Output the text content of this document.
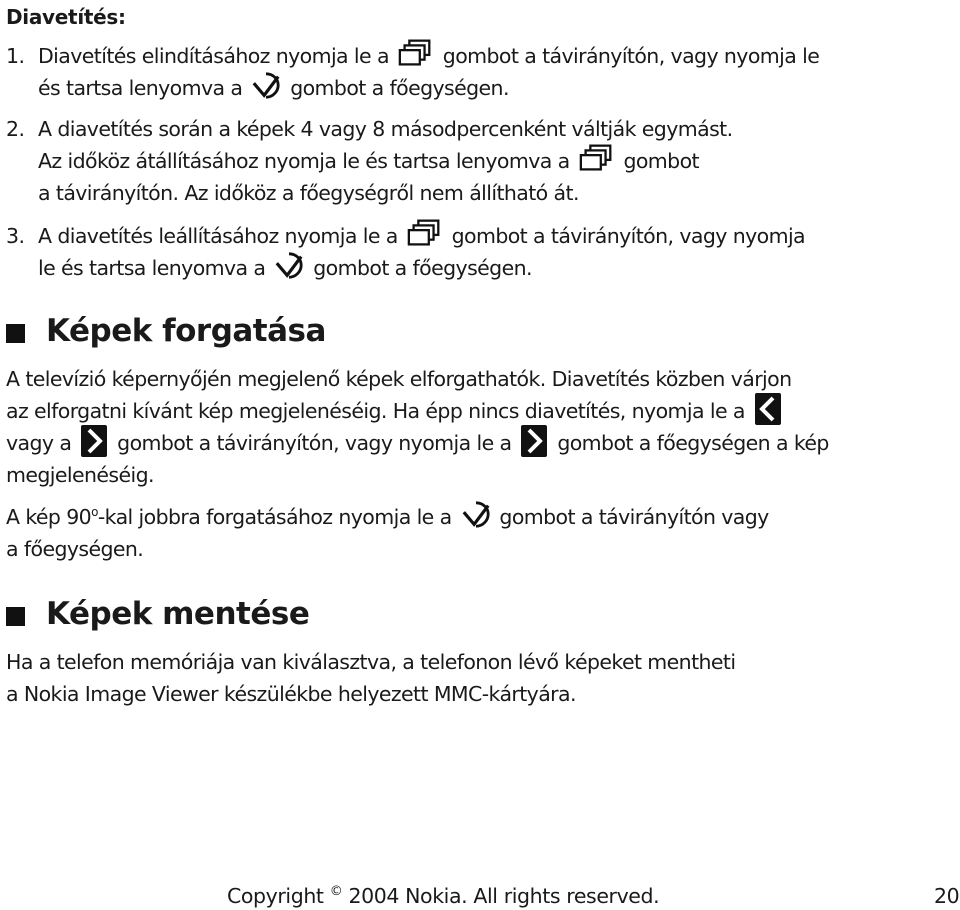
Diavetítés:
1. Diavetítés elindításához nyomja le a	gombot a távirányítón, vagy nyomja le
és tartsa lenyomva a gombot a főegységen.
2. A diavetítés során a képek 4 vagy 8 másodpercenként váltják egymást.
Az időköz átállításához nyomja le és tartsa lenyomva a	gombot
a távirányítón. Az időköz a főegységről nem állítható át.
3. A diavetítés leállításához nyomja le a	gombot a távirányítón, vagy nyomja
le és tartsa lenyomva a gombot a főegységen.
Képek forgatása
A televízió képernyőjén megjelenő képek elforgathatók. Diavetítés közben várjon
az elforgatni kívánt kép megjelenéséig. Ha épp nincs diavetítés, nyomja le a
vagy a gombot a távirányítón, vagy nyomja le a gombot a főegységen a kép
megjelenéséig.
A kép 90$^o$-kal jobbra forgatásához nyomja le a gombot a távirányítón vagy
a főegységen.
Képek mentése
Ha a telefon memóriája van kiválasztva, a telefonon lévő képeket mentheti
a Nokia Image Viewer készülékbe helyezett MMC-kártyára.
Copyright © 2004 Nokia. All rights reserved.	20
